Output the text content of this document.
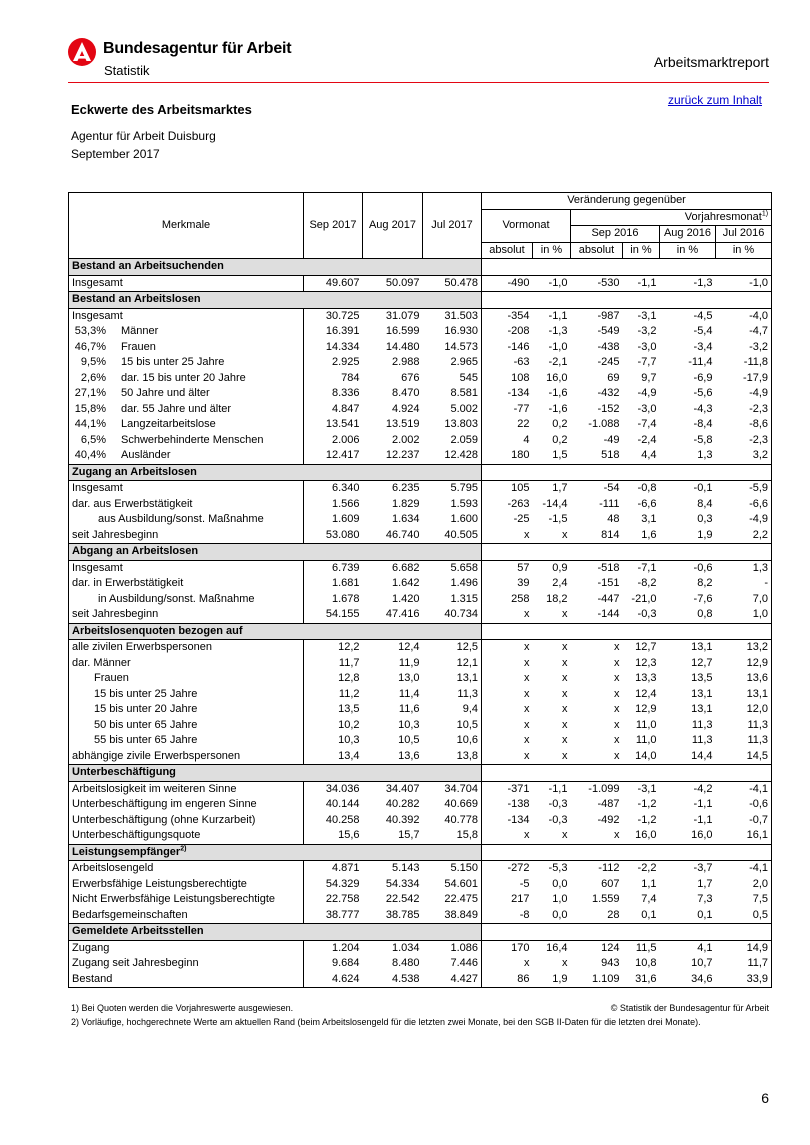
Bundesagentur für Arbeit
Statistik
Arbeitsmarktreport
zurück zum Inhalt
Eckwerte des Arbeitsmarktes
Agentur für Arbeit Duisburg
September 2017
Merkmale	Sep 2017	Aug 2017	Jul 2017	Veränderung gegenüber					
				Vormonat		Vorjahresmonat$^{1)}$
						Sep 2016		Aug 2016	Jul 2016
				absolut	in %	absolut	in %	in %	in %
Bestand an Arbeitsuchenden									
Insgesamt	49.607	50.097	50.478	-490	-1,0	-530	-1,1	-1,3	-1,0
Bestand an Arbeitslosen									
Insgesamt	30.725	31.079	31.503	-354	-1,1	-987	-3,1	-4,5	-4,0
53,3% Männer	16.391	16.599	16.930	-208	-1,3	-549	-3,2	-5,4	-4,7
46,7% Frauen	14.334	14.480	14.573	-146	-1,0	-438	-3,0	-3,4	-3,2
9,5% 15 bis unter 25 Jahre	2.925	2.988	2.965	-63	-2,1	-245	-7,7	-11,4	-11,8
2,6% dar. 15 bis unter 20 Jahre	784	676	545	108	16,0	69	9,7	-6,9	-17,9
27,1% 50 Jahre und älter	8.336	8.470	8.581	-134	-1,6	-432	-4,9	-5,6	-4,9
15,8% dar. 55 Jahre und älter	4.847	4.924	5.002	-77	-1,6	-152	-3,0	-4,3	-2,3
44,1% Langzeitarbeitslose	13.541	13.519	13.803	22	0,2	-1.088	-7,4	-8,4	-8,6
6,5% Schwerbehinderte Menschen	2.006	2.002	2.059	4	0,2	-49	-2,4	-5,8	-2,3
40,4% Ausländer	12.417	12.237	12.428	180	1,5	518	4,4	1,3	3,2
Zugang an Arbeitslosen									
Insgesamt	6.340	6.235	5.795	105	1,7	-54	-0,8	-0,1	-5,9
dar. aus Erwerbstätigkeit	1.566	1.829	1.593	-263	-14,4	-111	-6,6	8,4	-6,6
aus Ausbildung/sonst. Maßnahme	1.609	1.634	1.600	-25	-1,5	48	3,1	0,3	-4,9
seit Jahresbeginn	53.080	46.740	40.505	x	x	814	1,6	1,9	2,2
Abgang an Arbeitslosen									
Insgesamt	6.739	6.682	5.658	57	0,9	-518	-7,1	-0,6	1,3
dar. in Erwerbstätigkeit	1.681	1.642	1.496	39	2,4	-151	-8,2	8,2	-
in Ausbildung/sonst. Maßnahme	1.678	1.420	1.315	258	18,2	-447	-21,0	-7,6	7,0
seit Jahresbeginn	54.155	47.416	40.734	x	x	-144	-0,3	0,8	1,0
Arbeitslosenquoten bezogen auf									
alle zivilen Erwerbspersonen	12,2	12,4	12,5	x	x	x	12,7	13,1	13,2
dar. Männer	11,7	11,9	12,1	x	x	x	12,3	12,7	12,9
Frauen	12,8	13,0	13,1	x	x	x	13,3	13,5	13,6
15 bis unter 25 Jahre	11,2	11,4	11,3	x	x	x	12,4	13,1	13,1
15 bis unter 20 Jahre	13,5	11,6	9,4	x	x	x	12,9	13,1	12,0
50 bis unter 65 Jahre	10,2	10,3	10,5	x	x	x	11,0	11,3	11,3
55 bis unter 65 Jahre	10,3	10,5	10,6	x	x	x	11,0	11,3	11,3
abhängige zivile Erwerbspersonen	13,4	13,6	13,8	x	x	x	14,0	14,4	14,5
Unterbeschäftigung									
Arbeitslosigkeit im weiteren Sinne	34.036	34.407	34.704	-371	-1,1	-1.099	-3,1	-4,2	-4,1
Unterbeschäftigung im engeren Sinne	40.144	40.282	40.669	-138	-0,3	-487	-1,2	-1,1	-0,6
Unterbeschäftigung (ohne Kurzarbeit)	40.258	40.392	40.778	-134	-0,3	-492	-1,2	-1,1	-0,7
Unterbeschäftigungsquote	15,6	15,7	15,8	x	x	x	16,0	16,0	16,1
Leistungsempfänger$^{2)}$	
Arbeitslosengeld	4.871	5.143	5.150	-272	-5,3	-112	-2,2	-3,7	-4,1
Erwerbsfähige Leistungsberechtigte	54.329	54.334	54.601	-5	0,0	607	1,1	1,7	2,0
Nicht Erwerbsfähige Leistungsberechtigte	22.758	22.542	22.475	217	1,0	1.559	7,4	7,3	7,5
Bedarfsgemeinschaften	38.777	38.785	38.849	-8	0,0	28	0,1	0,1	0,5
Gemeldete Arbeitsstellen									
Zugang	1.204	1.034	1.086	170	16,4	124	11,5	4,1	14,9
Zugang seit Jahresbeginn	9.684	8.480	7.446	x	x	943	10,8	10,7	11,7
Bestand	4.624	4.538	4.427	86	1,9	1.109	31,6	34,6	33,9
1) Bei Quoten werden die Vorjahreswerte ausgewiesen.	© Statistik der Bundesagentur für Arbeit
2) Vorläufige, hochgerechnete Werte am aktuellen Rand (beim Arbeitslosengeld für die letzten zwei Monate, bei den SGB II-Daten für die letzten drei Monate).
6
